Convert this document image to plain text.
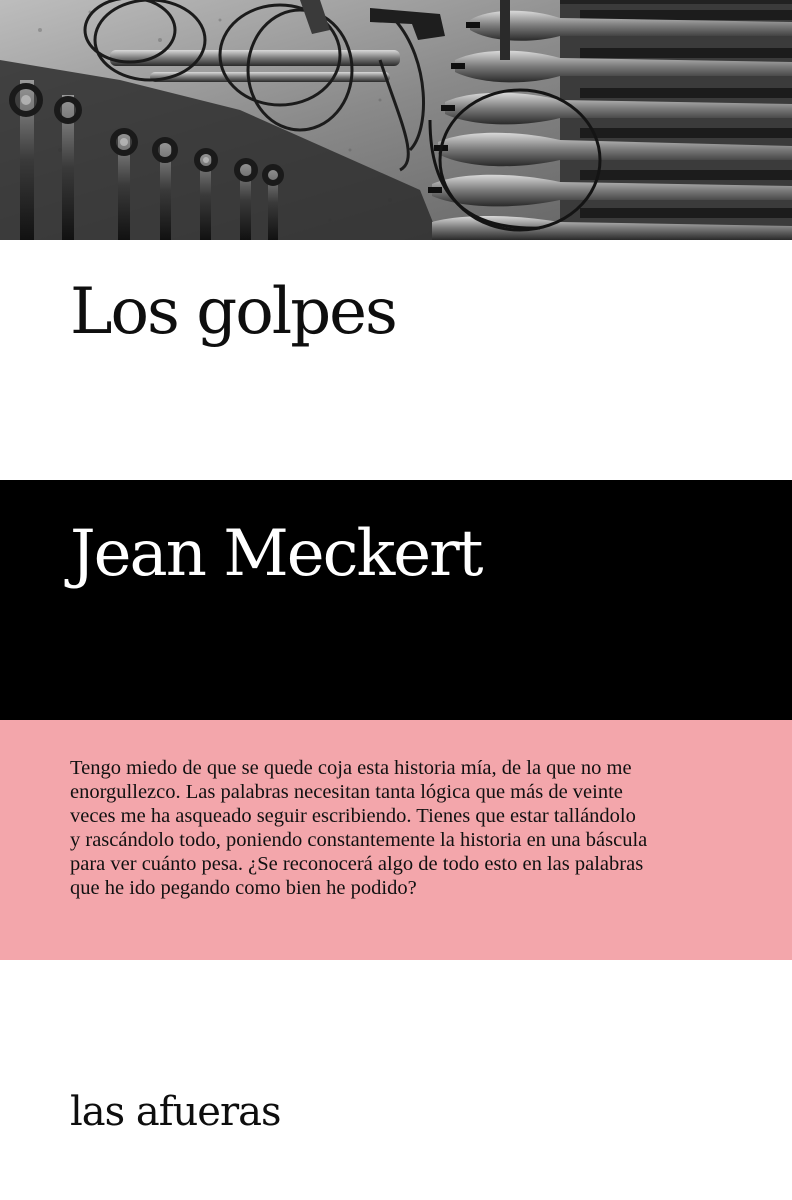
Los golpes
Jean Meckert

Tengo miedo de que se quede coja esta historia mía, de la que no me
enorgullezco. Las palabras necesitan tanta lógica que más de veinte
veces me ha asqueado seguir escribiendo. Tienes que estar tallándolo
y rascándolo todo, poniendo constantemente la historia en una báscula
para ver cuánto pesa. ¿Se reconocerá algo de todo esto en las palabras
que he ido pegando como bien he podido?

las afueras
